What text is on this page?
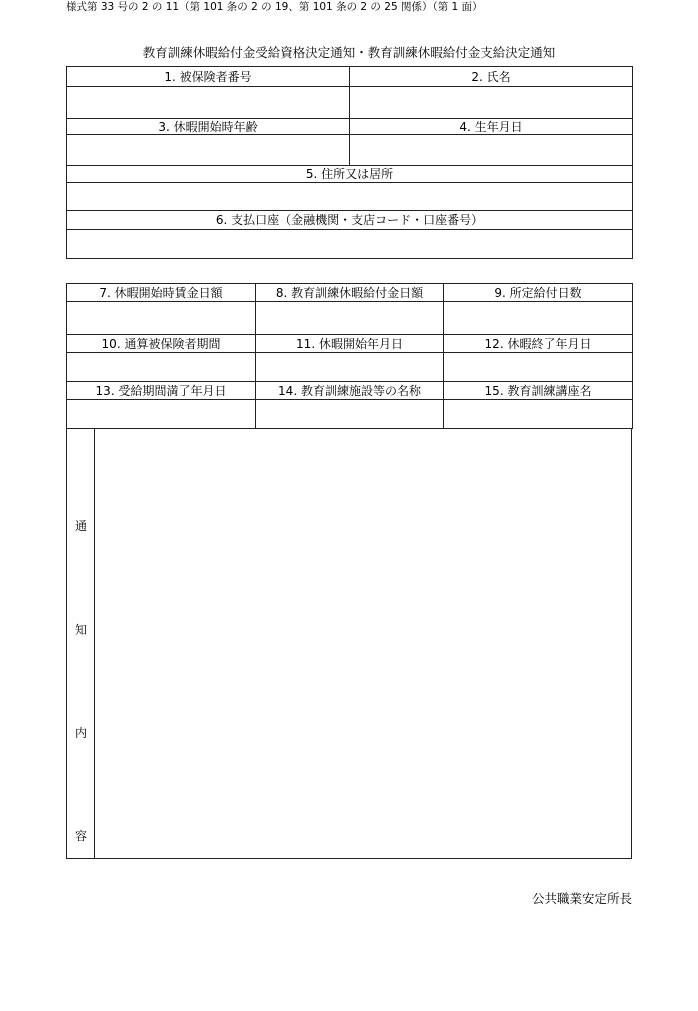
様式第 33 号の 2 の 11（第 101 条の 2 の 19、第 101 条の 2 の 25 関係）（第 1 面）
教育訓練休暇給付金受給資格決定通知・教育訓練休暇給付金支給決定通知
1. 被保険者番号	2. 氏名

3. 休暇開始時年齢	4. 生年月日

5. 住所又は居所	

6. 支払口座（金融機関・支店コード・口座番号）	

7. 休暇開始時賃金日額	8. 教育訓練休暇給付金日額	9. 所定給付日数

10. 通算被保険者期間	11. 休暇開始年月日	12. 休暇終了年月日

13. 受給期間満了年月日	14. 教育訓練施設等の名称	15. 教育訓練講座名

通
知
内
容
公共職業安定所長
